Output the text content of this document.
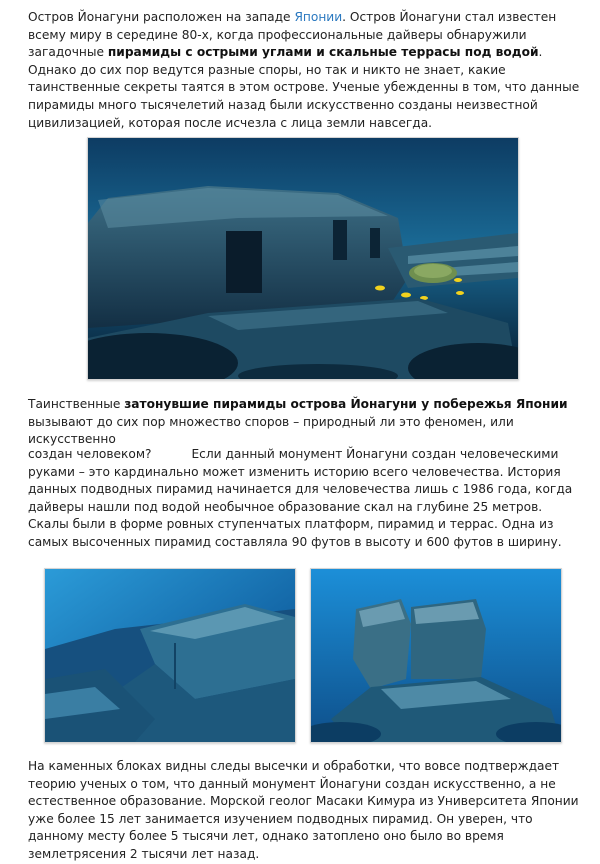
Остров Йонагуни расположен на западе Японии. Остров Йонагуни стал известен всему миру в середине 80-х, когда профессиональные дайверы обнаружили загадочные пирамиды с острыми углами и скальные террасы под водой. Однако до сих пор ведутся разные споры, но так и никто не знает, какие таинственные секреты таятся в этом острове. Ученые убежденны в том, что данные пирамиды много тысячелетий назад были искусственно созданы неизвестной цивилизацией, которая после исчезла с лица земли навсегда.

Таинственные затонувшие пирамиды острова Йонагуни у побережья Японии вызывают до сих пор множество споров – природный ли это феномен, или искусственно

создан человеком?	Если данный монумент Йонагуни создан человеческими руками – это кардинально может изменить историю всего человечества. История данных подводных пирамид начинается для человечества лишь с 1986 года, когда дайверы нашли под водой необычное образование скал на глубине 25 метров. Скалы были в форме ровных ступенчатых платформ, пирамид и террас. Одна из самых высоченных пирамид составляла 90 футов в высоту и 600 футов в ширину.

На каменных блоках видны следы высечки и обработки, что вовсе подтверждает теорию ученых о том, что данный монумент Йонагуни создан искусственно, а не естественное образование. Морской геолог Масаки Кимура из Университета Японии уже более 15 лет занимается изучением подводных пирамид. Он уверен, что данному месту более 5 тысячи лет, однако затоплено оно было во время землетрясения 2 тысячи лет назад.
